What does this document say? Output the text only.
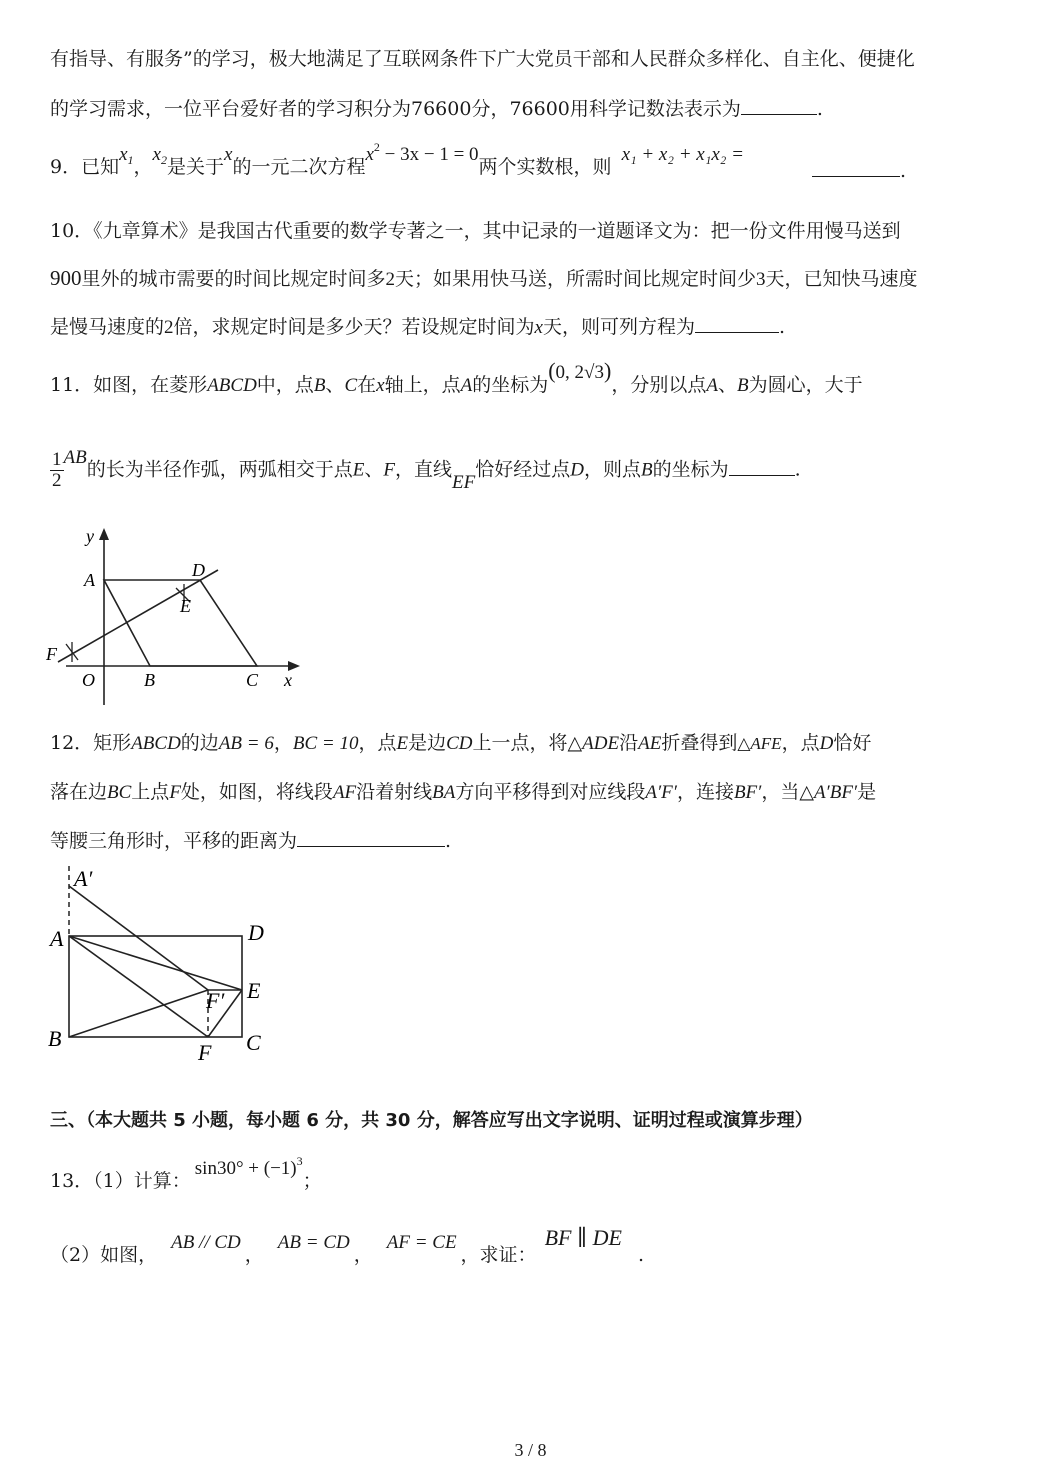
有指导、有服务”的学习，极大地满足了互联网条件下广大党员干部和人民群众多样化、自主化、便捷化
的学习需求，一位平台爱好者的学习积分为76600分，76600用科学记数法表示为	.
9．已知$x_1$，$x_2$是关于x的一元二次方程$x^2 - 3x - 1 = 0$两个实数根，则x₁ + x₂ + x₁x₂ =
.
10．《九章算术》是我国古代重要的数学专著之一，其中记录的一道题译文为：把一份文件用慢马送到
900里外的城市需要的时间比规定时间多2天；如果用快马送，所需时间比规定时间少3天，已知快马速度
是慢马速度的2倍，求规定时间是多少天？若设规定时间为x天，则可列方程为	.
11．如图，在菱形ABCD中，点B、C在x轴上，点A的坐标为(0, 2√3)，分别以点A、B为圆心，大于
$\frac{1}{2}$ AB的长为半径作弧，两弧相交于点E、F，直线EF恰好经过点D，则点B的坐标为	.
y
A	D
E
F
O	B	C x
12．矩形ABCD的边AB = 6，BC = 10，点E是边CD上一点，将△ADE沿AE折叠得到△AFE，点D恰好
落在边BC上点F处，如图，将线段AF沿着射线BA方向平移得到对应线段A′F′，连接BF′，当△A′BF′是
等腰三角形时，平移的距离为	.
A′
A	D
F′ E
B
F C
三、（本大题共 5 小题，每小题 6 分，共 30 分，解答应写出文字说明、证明过程或演算步理）
13．（1）计算：$\sin 30^\circ + (-1)^3$；
（2）如图，AB // CD，AB = CD，AF = CE，求证：BF ∥ DE.
3 / 8
